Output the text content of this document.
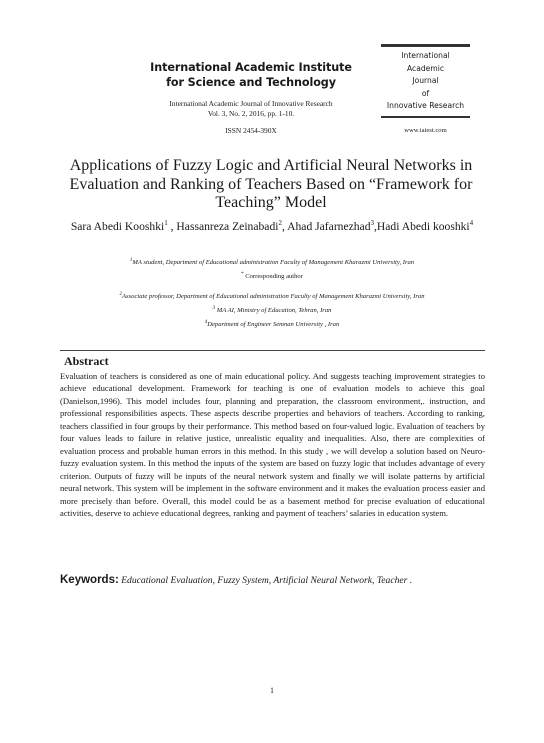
International Academic Institute
for Science and Technology
International Academic Journal of Innovative Research
Vol. 3, No. 2, 2016, pp. 1-10.
ISSN 2454-390X
International
Academic
Journal
of
Innovative Research
www.iaiest.com
Applications of Fuzzy Logic and Artificial Neural Networks in
Evaluation and Ranking of Teachers Based on “Framework for
Teaching” Model
Sara Abedi Kooshki$^1$ , Hassanreza Zeinabadi$^2$, Ahad Jafarnezhad$^3$,Hadi Abedi kooshki$^4$
$^1$MA student, Department of Educational administration Faculty of Management Kharazmi University, Iran
* Corresponding author
$^2$Associate professor, Department of Educational administration Faculty of Management Kharazmi University, Iran
$^3$ MA AI, Ministry of Education, Tehran, Iran
$^4$Department of Engineer Semnan University , Iran
Abstract
Evaluation of teachers is considered as one of main educational policy. And suggests teaching improvement strategies to achieve educational development. Framework for teaching is one of evaluation models to achieve this goal (Danielson,1996). This model includes four, planning and preparation, the classroom environment,. instruction, and professional responsibilities aspects. These aspects describe properties and behaviors of teachers. According to ranking, teachers classified in four groups by their performance. This method based on four-valued logic. Evaluation of teachers by four values leads to failure in relative justice, unrealistic equality and inequalities. Also, there are complexities of evaluation process and probable human errors in this method. In this study , we will develop a solution based on Neuro-fuzzy evaluation system. In this method the inputs of the system are based on fuzzy logic that includes advantage of every criterion. Outputs of fuzzy will be inputs of the neural network system and finally we will isolate patterns by artificial neural network. This system will be implement in the software environment and it makes the evaluation process easier and more precisely than before. Overall, this model could be as a basement method for precise evaluation of educational activities, deserve to achieve educational degrees, ranking and payment of teachers’ salaries in education system.
Keywords: Educational Evaluation, Fuzzy System, Artificial Neural Network, Teacher .
1
